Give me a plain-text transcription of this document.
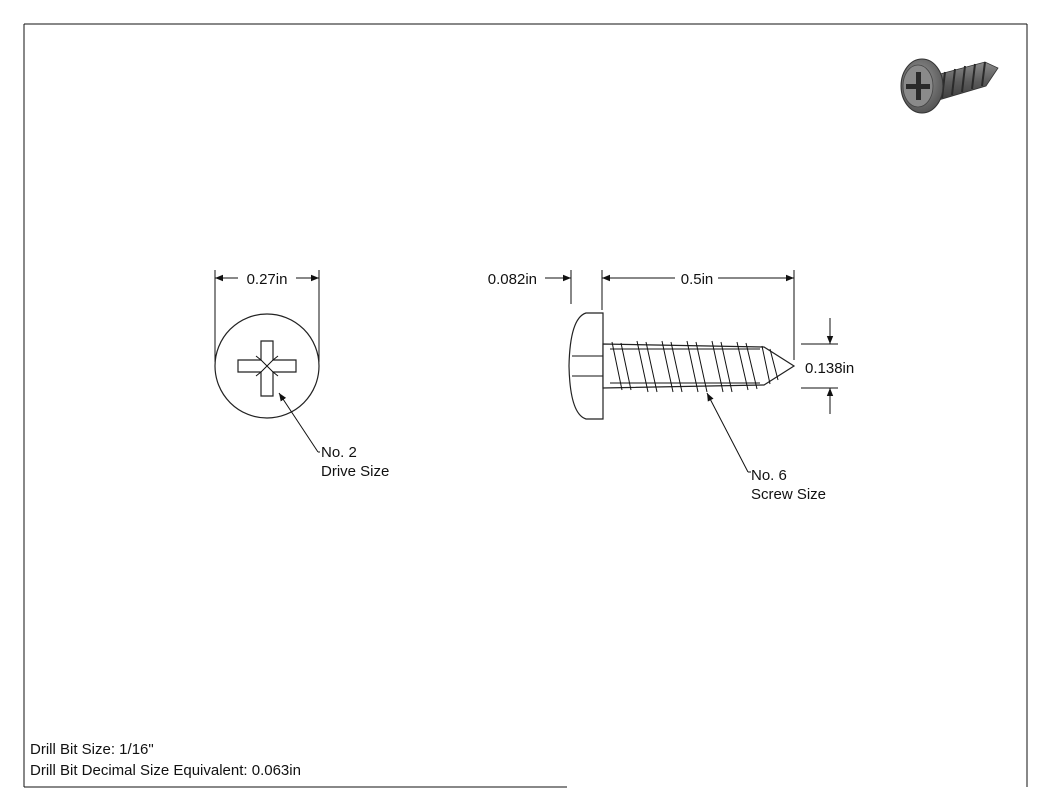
0.27in
No. 2
Drive Size
0.082in	0.5in
0.138in
No. 6
Screw Size
Drill Bit Size: 1/16"
Drill Bit Decimal Size Equivalent: 0.063in
